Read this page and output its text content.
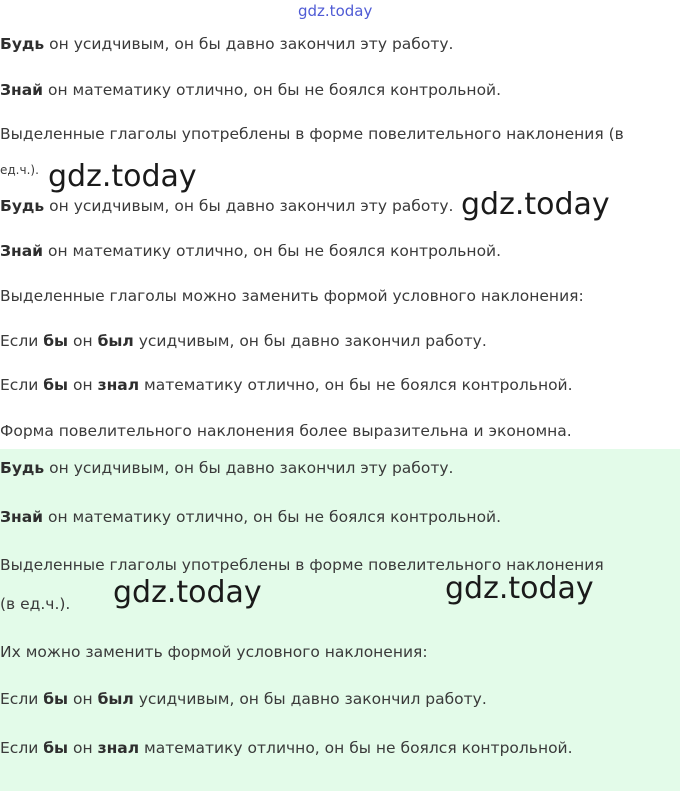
gdz.today
Будь он усидчивым, он бы давно закончил эту работу.
Знай он математику отлично, он бы не боялся контрольной.
Выделенные глаголы употреблены в форме повелительного наклонения (в
ед.ч.). gdz.today
Будь он усидчивым, он бы давно закончил эту работу. gdz.today
Знай он математику отлично, он бы не боялся контрольной.
Выделенные глаголы можно заменить формой условного наклонения:
Если бы он был усидчивым, он бы давно закончил работу.
Если бы он знал математику отлично, он бы не боялся контрольной.
Форма повелительного наклонения более выразительна и экономна.
Будь он усидчивым, он бы давно закончил эту работу.
Знай он математику отлично, он бы не боялся контрольной.
Выделенные глаголы употреблены в форме повелительного наклонения
(в ед.ч.). gdz.today	gdz.today
Их можно заменить формой условного наклонения:
Если бы он был усидчивым, он бы давно закончил работу.
Если бы он знал математику отлично, он бы не боялся контрольной.
